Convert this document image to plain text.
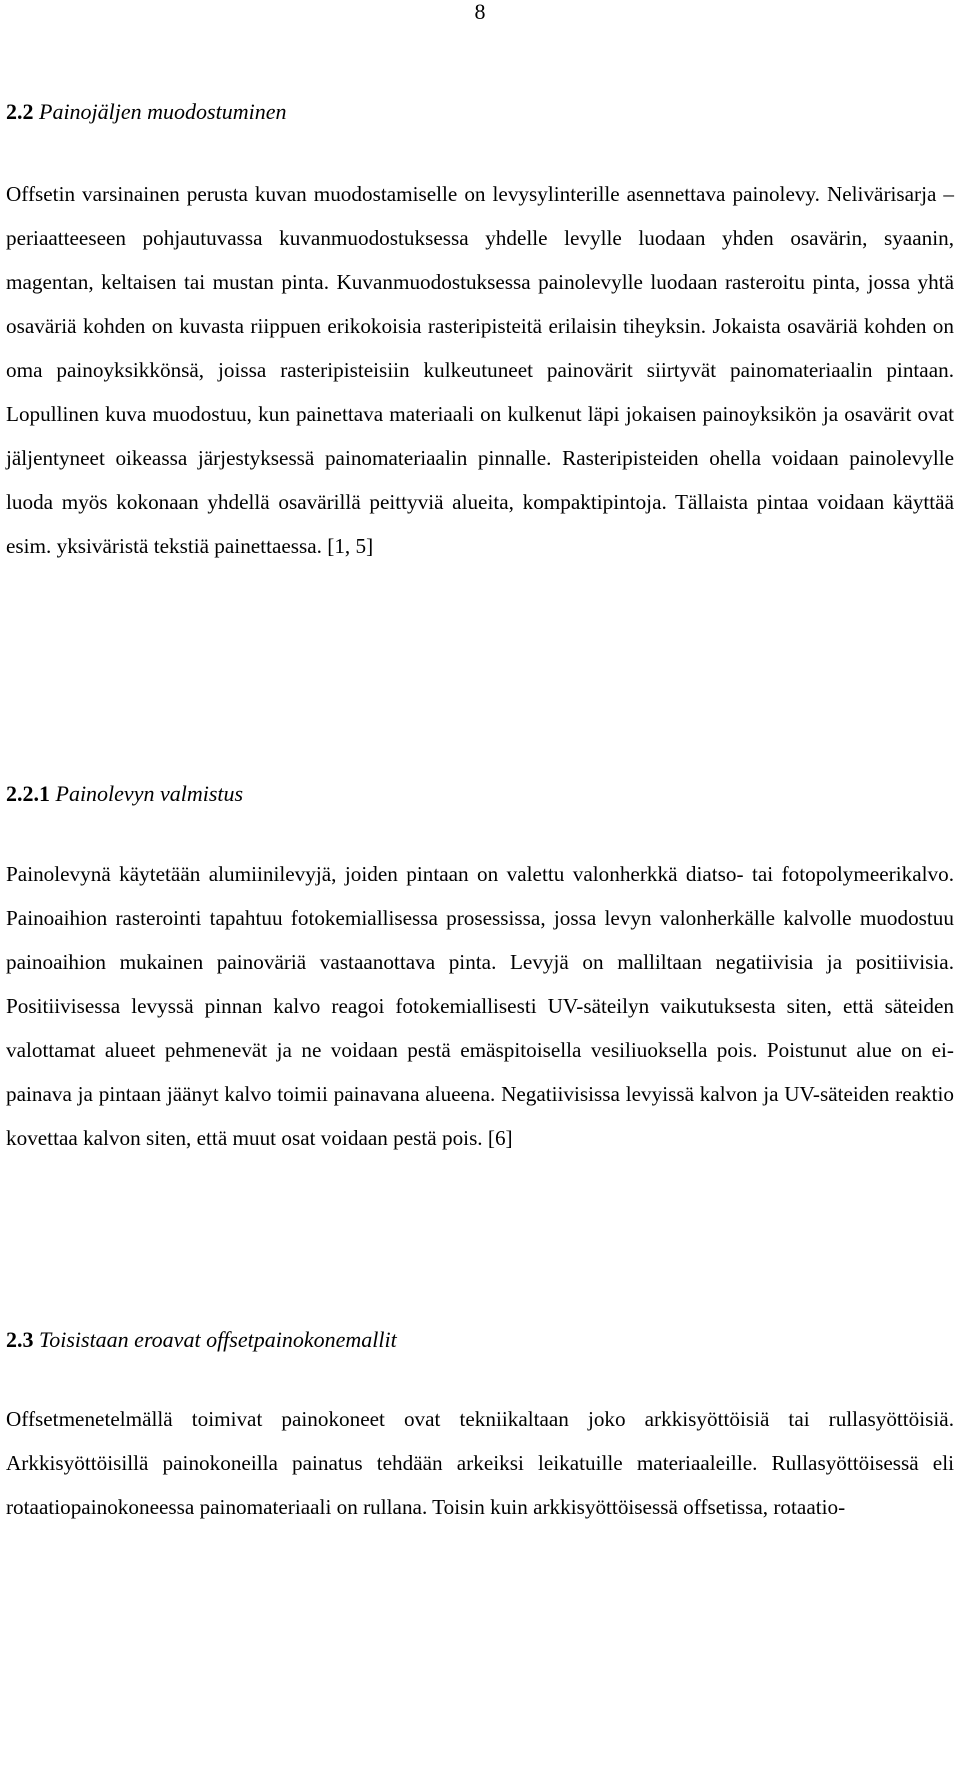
8
2.2 Painojäljen muodostuminen
Offsetin varsinainen perusta kuvan muodostamiselle on levysylinterille asennettava painolevy. Nelivärisarja –periaatteeseen pohjautuvassa kuvanmuodostuksessa yhdelle levylle luodaan yhden osavärin, syaanin, magentan, keltaisen tai mustan pinta. Kuvanmuodostuksessa painolevylle luodaan rasteroitu pinta, jossa yhtä osaväriä kohden on kuvasta riippuen erikokoisia rasteripisteitä erilaisin tiheyksin. Jokaista osaväriä kohden on oma painoyksikkönsä, joissa rasteripisteisiin kulkeutuneet painovärit siirtyvät painomateriaalin pintaan. Lopullinen kuva muodostuu, kun painettava materiaali on kulkenut läpi jokaisen painoyksikön ja osavärit ovat jäljentyneet oikeassa järjestyksessä painomateriaalin pinnalle. Rasteripisteiden ohella voidaan painolevylle luoda myös kokonaan yhdellä osavärillä peittyviä alueita, kompaktipintoja. Tällaista pintaa voidaan käyttää esim. yksiväristä tekstiä painettaessa. [1, 5]
2.2.1 Painolevyn valmistus
Painolevynä käytetään alumiinilevyjä, joiden pintaan on valettu valonherkkä diatso- tai fotopolymeerikalvo. Painoaihion rasterointi tapahtuu fotokemiallisessa prosessissa, jossa levyn valonherkälle kalvolle muodostuu painoaihion mukainen painoväriä vastaanottava pinta. Levyjä on malliltaan negatiivisia ja positiivisia. Positiivisessa levyssä pinnan kalvo reagoi fotokemiallisesti UV-säteilyn vaikutuksesta siten, että säteiden valottamat alueet pehmenevät ja ne voidaan pestä emäspitoisella vesiliuoksella pois. Poistunut alue on ei-painava ja pintaan jäänyt kalvo toimii painavana alueena. Negatiivisissa levyissä kalvon ja UV-säteiden reaktio kovettaa kalvon siten, että muut osat voidaan pestä pois. [6]
2.3 Toisistaan eroavat offsetpainokonemallit
Offsetmenetelmällä toimivat painokoneet ovat tekniikaltaan joko arkkisyöttöisiä tai rullasyöttöisiä. Arkkisyöttöisillä painokoneilla painatus tehdään arkeiksi leikatuille materiaaleille. Rullasyöttöisessä eli rotaatiopainokoneessa painomateriaali on rullana. Toisin kuin arkkisyöttöisessä offsetissa, rotaatio-
